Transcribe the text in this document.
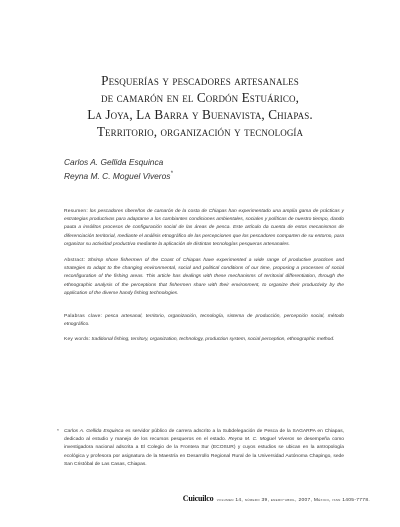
Pesquerías y pescadores artesanales
de camarón en el Cordón Estuárico,
La Joya, La Barra y Buenavista, Chiapas.
Territorio, organización y tecnología
Carlos A. Gellida Esquinca
Reyna M. C. Moguel Viveros*
Resumen: los pescadores ribereños de camarón de la costa de Chiapas han experimentado una amplia gama de prácticas y estrategias productivas para adaptarse a los cambiantes condiciones ambientales, sociales y políticas de nuestro tiempo, dando pauta a insólitos procesos de configuración social de las áreas de pesca. Este artículo da cuenta de estos mecanismos de diferenciación territorial, mediante el análisis etnográfico de las percepciones que los pescadores comparten de su entorno, para organizar su actividad productiva mediante la aplicación de distintas tecnologías pesqueras artesanales.
Abstract: Shrimp shore fishermen of the Coast of Chiapas have experimented a wide range of productive practices and strategies to adapt to the changing environmental, social and political conditions of our time, proposing a processes of social reconfiguration of the fishing areas. This article has dealings with these mechanisms of territorial differentiation, through the ethnographic analysis of the perceptions that fishermen share with their environment, to organize their productivity by the application of the diverse handy fishing technologies.
Palabras clave: pesca artesanal, territorio, organización, tecnología, sistema de producción, percepción social, método etnográfico.
Key words: traditional fishing, territory, organization, technology, production system, social perception, ethnographic method.
* Carlos A. Gellida Esquinca es servidor público de carrera adscrito a la Subdelegación de Pesca de la SAGARPA en Chiapas, dedicado al estudio y manejo de los recursos pesqueros en el estado. Reyna M. C. Moguel Viveros se desempeña como investigadora nacional adscrita a El Colegio de la Frontera Sur (ECOSUR) y cuyos estudios se ubican en la antropología ecológica y profesora por asignatura de la Maestría en Desarrollo Regional Rural de la Universidad Autónoma Chapingo, sede San Cristóbal de Las Casas, Chiapas.
Cuicuilco volumen 14, número 39, enero-abril, 2007, México, issn 1405-7778.
